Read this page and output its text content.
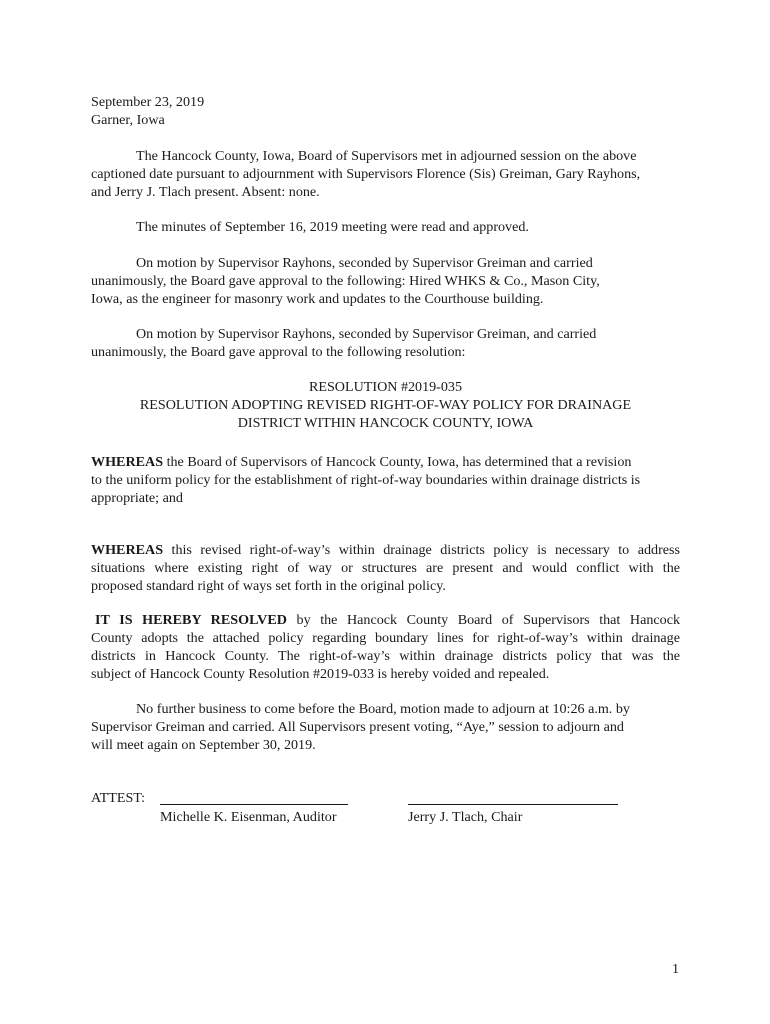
September 23, 2019
Garner, Iowa
The Hancock County, Iowa, Board of Supervisors met in adjourned session on the above
captioned date pursuant to adjournment with Supervisors Florence (Sis) Greiman, Gary Rayhons,
and Jerry J. Tlach present. Absent: none.
The minutes of September 16, 2019 meeting were read and approved.
On motion by Supervisor Rayhons, seconded by Supervisor Greiman and carried
unanimously, the Board gave approval to the following: Hired WHKS & Co., Mason City,
Iowa, as the engineer for masonry work and updates to the Courthouse building.
On motion by Supervisor Rayhons, seconded by Supervisor Greiman, and carried
unanimously, the Board gave approval to the following resolution:
RESOLUTION #2019-035
RESOLUTION ADOPTING REVISED RIGHT-OF-WAY POLICY FOR DRAINAGE
DISTRICT WITHIN HANCOCK COUNTY, IOWA
WHEREAS the Board of Supervisors of Hancock County, Iowa, has determined that a revision
to the uniform policy for the establishment of right-of-way boundaries within drainage districts is
appropriate; and
WHEREAS this revised right-of-way’s within drainage districts policy is necessary to address
situations where existing right of way or structures are present and would conflict with the
proposed standard right of ways set forth in the original policy.
IT IS HEREBY RESOLVED by the Hancock County Board of Supervisors that Hancock
County adopts the attached policy regarding boundary lines for right-of-way’s within drainage
districts in Hancock County. The right-of-way’s within drainage districts policy that was the
subject of Hancock County Resolution #2019-033 is hereby voided and repealed.
No further business to come before the Board, motion made to adjourn at 10:26 a.m. by
Supervisor Greiman and carried. All Supervisors present voting, “Aye,” session to adjourn and
will meet again on September 30, 2019.
ATTEST:
Michelle K. Eisenman, Auditor	Jerry J. Tlach, Chair
1
